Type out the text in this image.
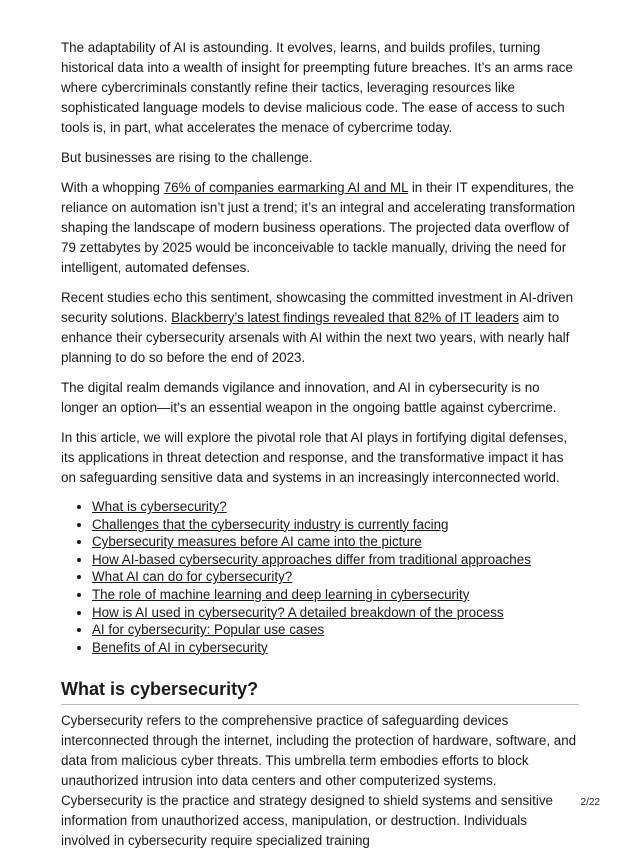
The adaptability of AI is astounding. It evolves, learns, and builds profiles, turning historical data into a wealth of insight for preempting future breaches. It’s an arms race where cybercriminals constantly refine their tactics, leveraging resources like sophisticated language models to devise malicious code. The ease of access to such tools is, in part, what accelerates the menace of cybercrime today.

But businesses are rising to the challenge.

With a whopping 76% of companies earmarking AI and ML in their IT expenditures, the reliance on automation isn’t just a trend; it’s an integral and accelerating transformation shaping the landscape of modern business operations. The projected data overflow of 79 zettabytes by 2025 would be inconceivable to tackle manually, driving the need for intelligent, automated defenses.

Recent studies echo this sentiment, showcasing the committed investment in AI-driven security solutions. Blackberry’s latest findings revealed that 82% of IT leaders aim to enhance their cybersecurity arsenals with AI within the next two years, with nearly half planning to do so before the end of 2023.

The digital realm demands vigilance and innovation, and AI in cybersecurity is no longer an option—it’s an essential weapon in the ongoing battle against cybercrime.

In this article, we will explore the pivotal role that AI plays in fortifying digital defenses, its applications in threat detection and response, and the transformative impact it has on safeguarding sensitive data and systems in an increasingly interconnected world.

• What is cybersecurity?
• Challenges that the cybersecurity industry is currently facing
• Cybersecurity measures before AI came into the picture
• How AI-based cybersecurity approaches differ from traditional approaches
• What AI can do for cybersecurity?
• The role of machine learning and deep learning in cybersecurity
• How is AI used in cybersecurity? A detailed breakdown of the process
• AI for cybersecurity: Popular use cases
• Benefits of AI in cybersecurity
What is cybersecurity?

Cybersecurity refers to the comprehensive practice of safeguarding devices interconnected through the internet, including the protection of hardware, software, and data from malicious cyber threats. This umbrella term embodies efforts to block unauthorized intrusion into data centers and other computerized systems. Cybersecurity is the practice and strategy designed to shield systems and sensitive information from unauthorized access, manipulation, or destruction. Individuals involved in cybersecurity require specialized training

2/22
